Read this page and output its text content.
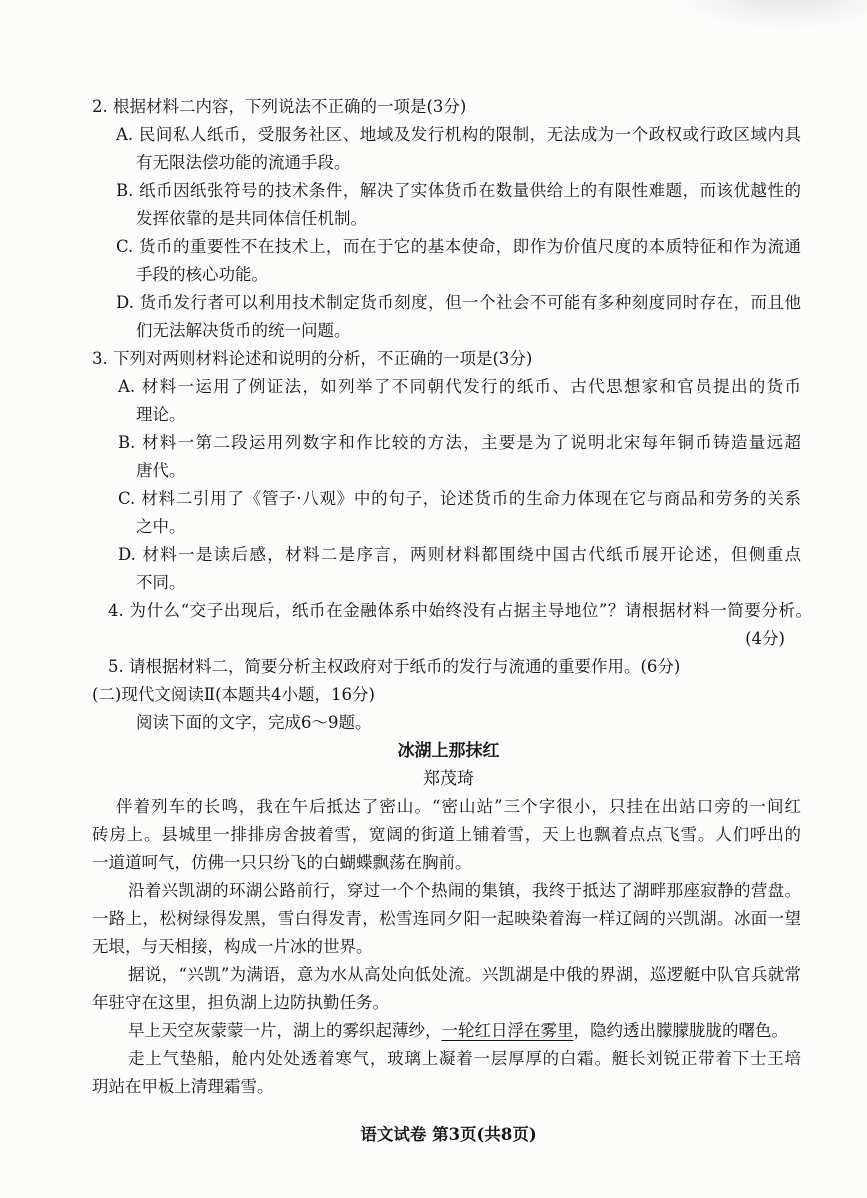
2. 根据材料二内容，下列说法不正确的一项是(3分)
A. 民间私人纸币，受服务社区、地域及发行机构的限制，无法成为一个政权或行政区域内具
有无限法偿功能的流通手段。
B. 纸币因纸张符号的技术条件，解决了实体货币在数量供给上的有限性难题，而该优越性的
发挥依靠的是共同体信任机制。
C. 货币的重要性不在技术上，而在于它的基本使命，即作为价值尺度的本质特征和作为流通
手段的核心功能。
D. 货币发行者可以利用技术制定货币刻度，但一个社会不可能有多种刻度同时存在，而且他
们无法解决货币的统一问题。
3. 下列对两则材料论述和说明的分析，不正确的一项是(3分)
A. 材料一运用了例证法，如列举了不同朝代发行的纸币、古代思想家和官员提出的货币
理论。
B. 材料一第二段运用列数字和作比较的方法，主要是为了说明北宋每年铜币铸造量远超
唐代。
C. 材料二引用了《管子·八观》中的句子，论述货币的生命力体现在它与商品和劳务的关系
之中。
D. 材料一是读后感，材料二是序言，两则材料都围绕中国古代纸币展开论述，但侧重点
不同。
4. 为什么“交子出现后，纸币在金融体系中始终没有占据主导地位”？请根据材料一简要分析。
(4分)
5. 请根据材料二，简要分析主权政府对于纸币的发行与流通的重要作用。(6分)
(二)现代文阅读Ⅱ(本题共4小题，16分)
阅读下面的文字，完成6～9题。
冰湖上那抹红
郑茂琦
伴着列车的长鸣，我在午后抵达了密山。“密山站”三个字很小，只挂在出站口旁的一间红
砖房上。县城里一排排房舍披着雪，宽阔的街道上铺着雪，天上也飘着点点飞雪。人们呼出的
一道道呵气，仿佛一只只纷飞的白蝴蝶飘荡在胸前。
沿着兴凯湖的环湖公路前行，穿过一个个热闹的集镇，我终于抵达了湖畔那座寂静的营盘。
一路上，松树绿得发黑，雪白得发青，松雪连同夕阳一起映染着海一样辽阔的兴凯湖。冰面一望
无垠，与天相接，构成一片冰的世界。
据说，“兴凯”为满语，意为水从高处向低处流。兴凯湖是中俄的界湖，巡逻艇中队官兵就常
年驻守在这里，担负湖上边防执勤任务。
早上天空灰蒙蒙一片，湖上的雾织起薄纱，一轮红日浮在雾里，隐约透出朦朦胧胧的曙色。
走上气垫船，舱内处处透着寒气，玻璃上凝着一层厚厚的白霜。艇长刘锐正带着下士王培
玥站在甲板上清理霜雪。
语文试卷 第3页(共8页)
